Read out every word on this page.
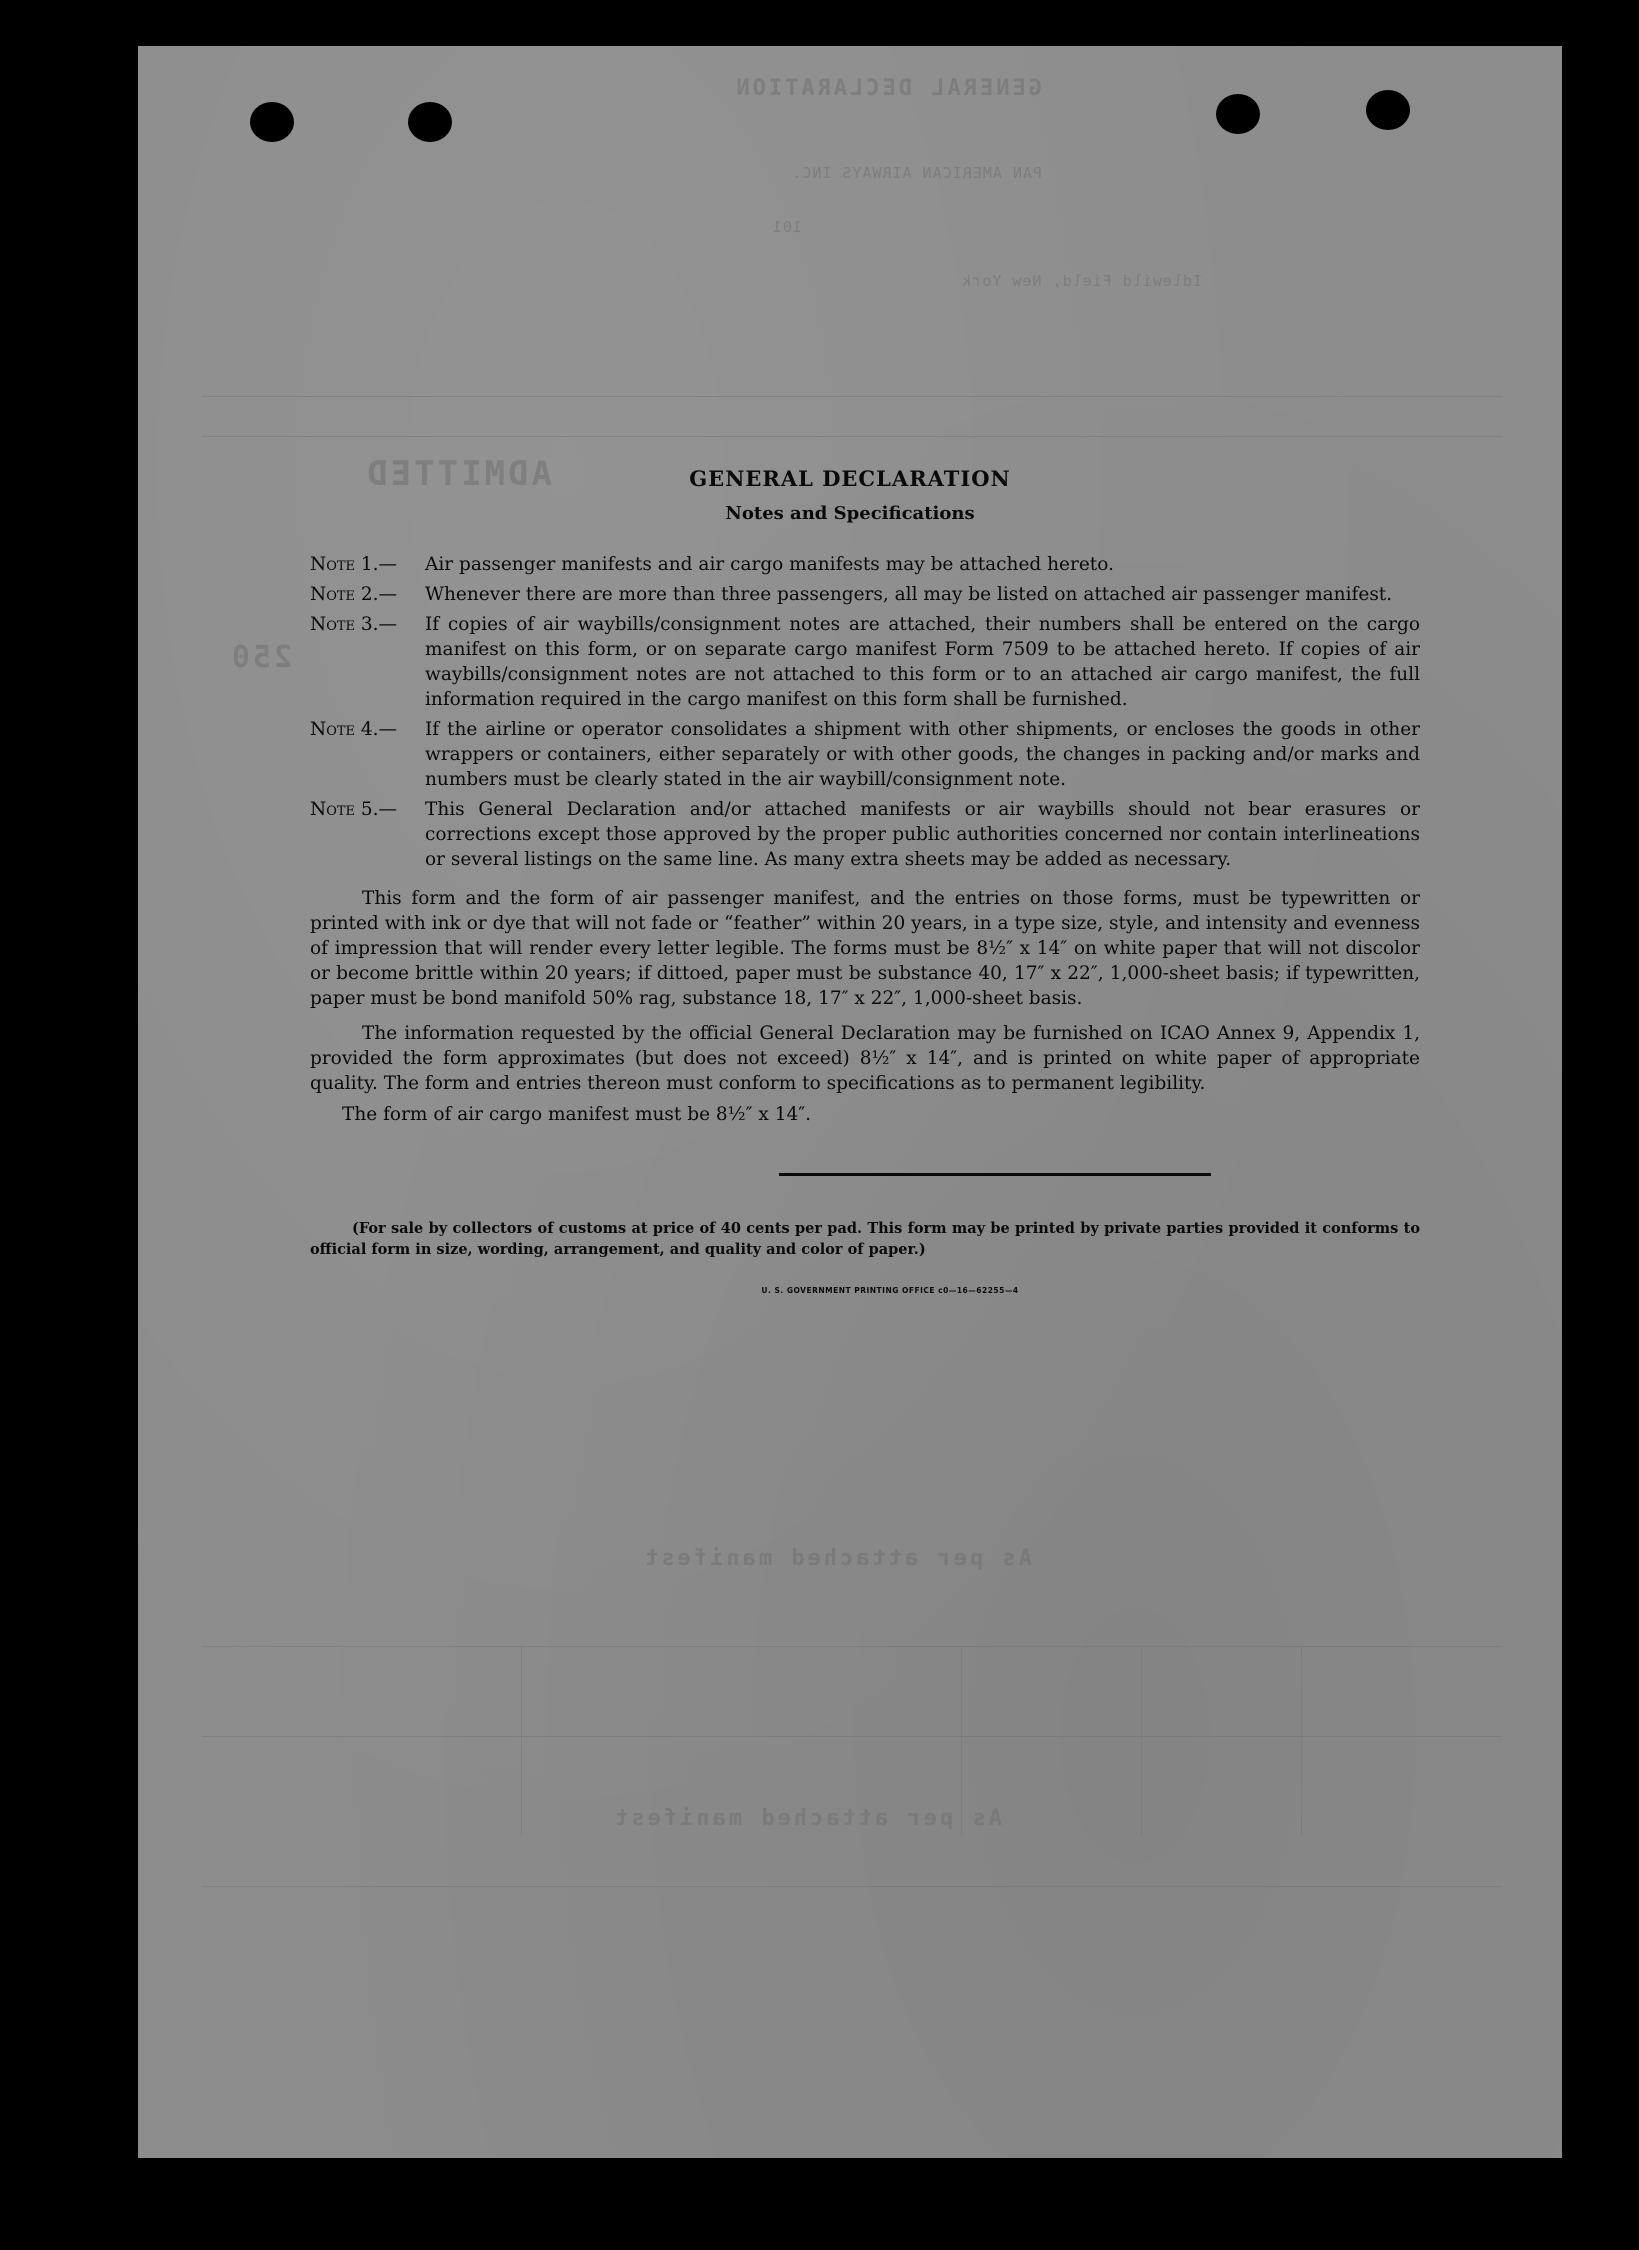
GENERAL DECLARATION
PAN AMERICAN AIRWAYS INC.
101
Idlewild Field, New York
ADMITTED
250
As per attached manifest
As per attached manifest
GENERAL DECLARATION
Notes and Specifications
Note 1.—	Air passenger manifests and air cargo manifests may be attached hereto.
Note 2.—	Whenever there are more than three passengers, all may be listed on attached air passenger manifest.
Note 3.—	If copies of air waybills/consignment notes are attached, their numbers shall be entered on the cargo manifest on this form, or on separate cargo manifest Form 7509 to be attached hereto. If copies of air waybills/consignment notes are not attached to this form or to an attached air cargo manifest, the full information required in the cargo manifest on this form shall be furnished.
Note 4.—	If the airline or operator consolidates a shipment with other shipments, or encloses the goods in other wrappers or containers, either separately or with other goods, the changes in packing and/or marks and numbers must be clearly stated in the air waybill/consignment note.
Note 5.—	This General Declaration and/or attached manifests or air waybills should not bear erasures or corrections except those approved by the proper public authorities concerned nor contain interlineations or several listings on the same line. As many extra sheets may be added as necessary.

This form and the form of air passenger manifest, and the entries on those forms, must be typewritten or printed with ink or dye that will not fade or “feather” within 20 years, in a type size, style, and intensity and evenness of impression that will render every letter legible. The forms must be 8½″ x 14″ on white paper that will not discolor or become brittle within 20 years; if dittoed, paper must be substance 40, 17″ x 22″, 1,000-sheet basis; if typewritten, paper must be bond manifold 50% rag, substance 18, 17″ x 22″, 1,000-sheet basis.

The information requested by the official General Declaration may be furnished on ICAO Annex 9, Appendix 1, provided the form approximates (but does not exceed) 8½″ x 14″, and is printed on white paper of appropriate quality. The form and entries thereon must conform to specifications as to permanent legibility.

The form of air cargo manifest must be 8½″ x 14″.

(For sale by collectors of customs at price of 40 cents per pad. This form may be printed by private parties provided it conforms to official form in size, wording, arrangement, and quality and color of paper.)

U. S. GOVERNMENT PRINTING OFFICE c0—16—62255—4
